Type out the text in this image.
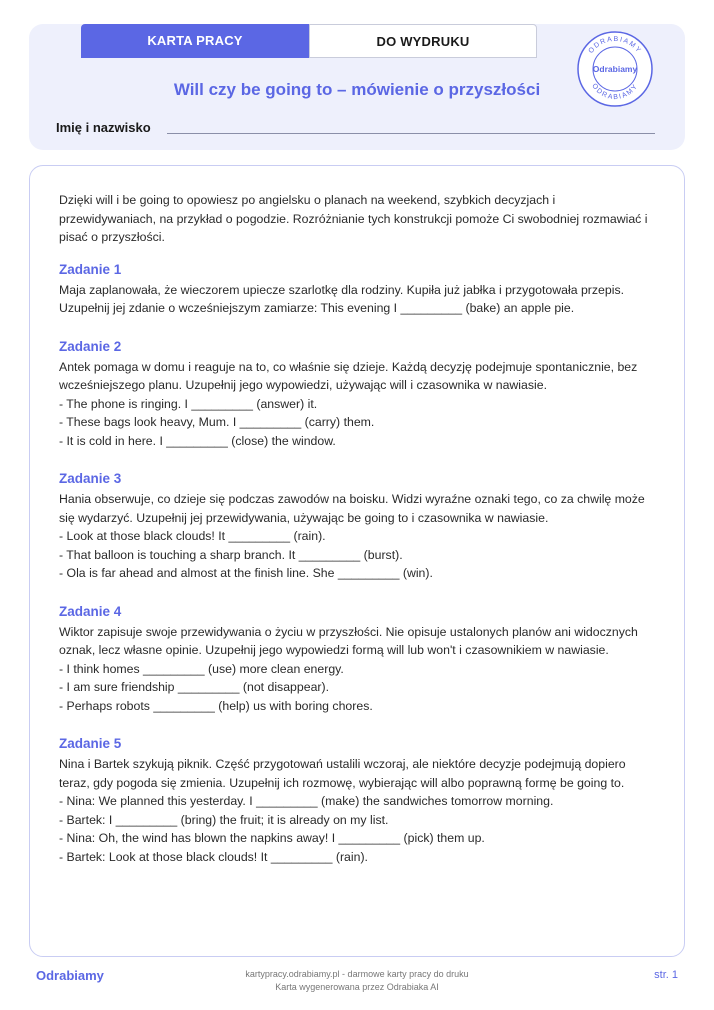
KARTA PRACY	DO WYDRUKU
ODRABIAMY
ODRABIAMY
Odrabiamy
Will czy be going to – mówienie o przyszłości
Imię i nazwisko

Dzięki will i be going to opowiesz po angielsku o planach na weekend, szybkich decyzjach i przewidywaniach, na przykład o pogodzie. Rozróżnianie tych konstrukcji pomoże Ci swobodniej rozmawiać i pisać o przyszłości.

Zadanie 1
Maja zaplanowała, że wieczorem upiecze szarlotkę dla rodziny. Kupiła już jabłka i przygotowała przepis. Uzupełnij jej zdanie o wcześniejszym zamiarze: This evening I _________ (bake) an apple pie.
Zadanie 2
Antek pomaga w domu i reaguje na to, co właśnie się dzieje. Każdą decyzję podejmuje spontanicznie, bez wcześniejszego planu. Uzupełnij jego wypowiedzi, używając will i czasownika w nawiasie.
- The phone is ringing. I _________ (answer) it.
- These bags look heavy, Mum. I _________ (carry) them.
- It is cold in here. I _________ (close) the window.
Zadanie 3
Hania obserwuje, co dzieje się podczas zawodów na boisku. Widzi wyraźne oznaki tego, co za chwilę może się wydarzyć. Uzupełnij jej przewidywania, używając be going to i czasownika w nawiasie.
- Look at those black clouds! It _________ (rain).
- That balloon is touching a sharp branch. It _________ (burst).
- Ola is far ahead and almost at the finish line. She _________ (win).
Zadanie 4
Wiktor zapisuje swoje przewidywania o życiu w przyszłości. Nie opisuje ustalonych planów ani widocznych oznak, lecz własne opinie. Uzupełnij jego wypowiedzi formą will lub won't i czasownikiem w nawiasie.
- I think homes _________ (use) more clean energy.
- I am sure friendship _________ (not disappear).
- Perhaps robots _________ (help) us with boring chores.
Zadanie 5
Nina i Bartek szykują piknik. Część przygotowań ustalili wczoraj, ale niektóre decyzje podejmują dopiero teraz, gdy pogoda się zmienia. Uzupełnij ich rozmowę, wybierając will albo poprawną formę be going to.
- Nina: We planned this yesterday. I _________ (make) the sandwiches tomorrow morning.
- Bartek: I _________ (bring) the fruit; it is already on my list.
- Nina: Oh, the wind has blown the napkins away! I _________ (pick) them up.
- Bartek: Look at those black clouds! It _________ (rain).
Odrabiamy	kartypracy.odrabiamy.pl - darmowe karty pracy do druku
Karta wygenerowana przez Odrabiaka AI
str. 1
